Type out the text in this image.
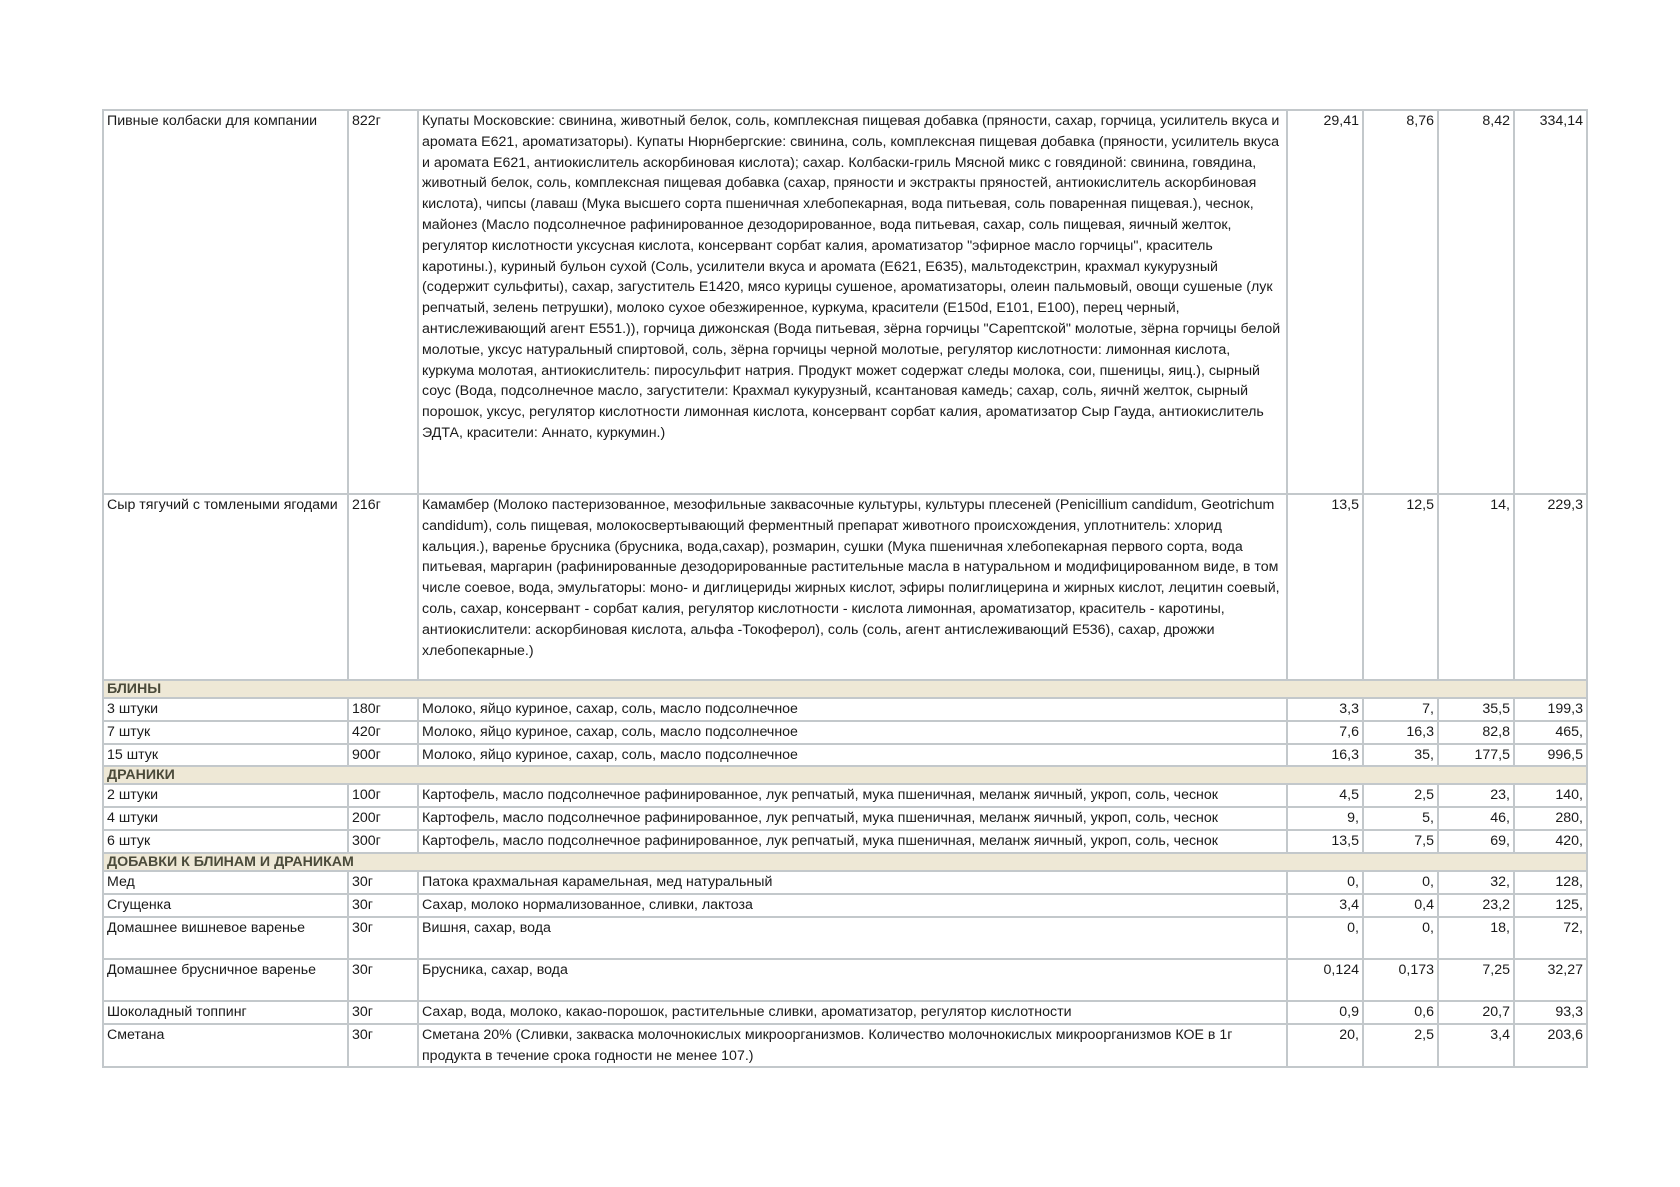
Пивные колбаски для компании	822г	Купаты Московские: свинина, животный белок, соль, комплексная пищевая добавка (пряности, сахар, горчица, усилитель вкуса и аромата Е621, ароматизаторы). Купаты Нюрнбергские: свинина, соль, комплексная пищевая добавка (пряности, усилитель вкуса и аромата Е621, антиокислитель аскорбиновая кислота); сахар. Колбаски-гриль Мясной микс с говядиной: свинина, говядина, животный белок, соль, комплексная пищевая добавка (сахар, пряности и экстракты пряностей, антиокислитель аскорбиновая кислота), чипсы (лаваш (Мука высшего сорта пшеничная хлебопекарная, вода питьевая, соль поваренная пищевая.), чеснок, майонез (Масло подсолнечное рафинированное дезодорированное, вода питьевая, сахар, соль пищевая, яичный желток, регулятор кислотности уксусная кислота, консервант сорбат калия, ароматизатор "эфирное масло горчицы", краситель каротины.), куриный бульон сухой (Соль, усилители вкуса и аромата (Е621, Е635), мальтодекстрин, крахмал кукурузный (содержит сульфиты), сахар, загуститель Е1420, мясо курицы сушеное, ароматизаторы, олеин пальмовый, овощи сушеные (лук репчатый, зелень петрушки), молоко сухое обезжиренное, куркума, красители (Е150d, Е101, Е100), перец черный, антислеживающий агент Е551.)), горчица дижонская (Вода питьевая, зёрна горчицы "Сарептской" молотые, зёрна горчицы белой молотые, уксус натуральный спиртовой, соль, зёрна горчицы черной молотые, регулятор кислотности: лимонная кислота, куркума молотая, антиокислитель: пиросульфит натрия. Продукт может содержат следы молока, сои, пшеницы, яиц.), сырный соус (Вода, подсолнечное масло, загустители: Крахмал кукурузный, ксантановая камедь; сахар, соль, яичнй желток, сырный порошок, уксус, регулятор кислотности лимонная кислота, консервант сорбат калия, ароматизатор Сыр Гауда, антиокислитель ЭДТА, красители: Аннато, куркумин.)	29,41	8,76	8,42	334,14
Сыр тягучий с томлеными ягодами	216г	Камамбер (Молоко пастеризованное, мезофильные заквасочные культуры, культуры плесеней (Penicillium candidum, Geotrichum candidum), соль пищевая, молокосвертывающий ферментный препарат животного происхождения, уплотнитель: хлорид кальция.), варенье брусника (брусника, вода,сахар), розмарин, сушки (Мука пшеничная хлебопекарная первого сорта, вода питьевая, маргарин (рафинированные дезодорированные растительные масла в натуральном и модифицированном виде, в том числе соевое, вода, эмульгаторы: моно- и диглицериды жирных кислот, эфиры полиглицерина и жирных кислот, лецитин соевый, соль, сахар, консервант - сорбат калия, регулятор кислотности - кислота лимонная, ароматизатор, краситель - каротины, антиокислители: аскорбиновая кислота, альфа -Токоферол), соль (соль, агент антислеживающий Е536), сахар, дрожжи хлебопекарные.)	13,5	12,5	14,	229,3
БЛИНЫ						
3 штуки	180г	Молоко, яйцо куриное, сахар, соль, масло подсолнечное	3,3	7,	35,5	199,3
7 штук	420г	Молоко, яйцо куриное, сахар, соль, масло подсолнечное	7,6	16,3	82,8	465,
15 штук	900г	Молоко, яйцо куриное, сахар, соль, масло подсолнечное	16,3	35,	177,5	996,5
ДРАНИКИ						
2 штуки	100г	Картофель, масло подсолнечное рафинированное, лук репчатый, мука пшеничная, меланж яичный, укроп, соль, чеснок	4,5	2,5	23,	140,
4 штуки	200г	Картофель, масло подсолнечное рафинированное, лук репчатый, мука пшеничная, меланж яичный, укроп, соль, чеснок	9,	5,	46,	280,
6 штук	300г	Картофель, масло подсолнечное рафинированное, лук репчатый, мука пшеничная, меланж яичный, укроп, соль, чеснок	13,5	7,5	69,	420,
ДОБАВКИ К БЛИНАМ И ДРАНИКАМ						
Мед	30г	Патока крахмальная карамельная, мед натуральный	0,	0,	32,	128,
Сгущенка	30г	Сахар, молоко нормализованное, сливки, лактоза	3,4	0,4	23,2	125,
Домашнее вишневое варенье	30г	Вишня, сахар, вода	0,	0,	18,	72,
Домашнее брусничное варенье	30г	Брусника, сахар, вода	0,124	0,173	7,25	32,27
Шоколадный топпинг	30г	Сахар, вода, молоко, какао-порошок, растительные сливки, ароматизатор, регулятор кислотности	0,9	0,6	20,7	93,3
Сметана	30г	Сметана 20% (Сливки, закваска молочнокислых микроорганизмов. Количество молочнокислых микроорганизмов КОЕ в 1г продукта в течение срока годности не менее 107.)	20,	2,5	3,4	203,6
